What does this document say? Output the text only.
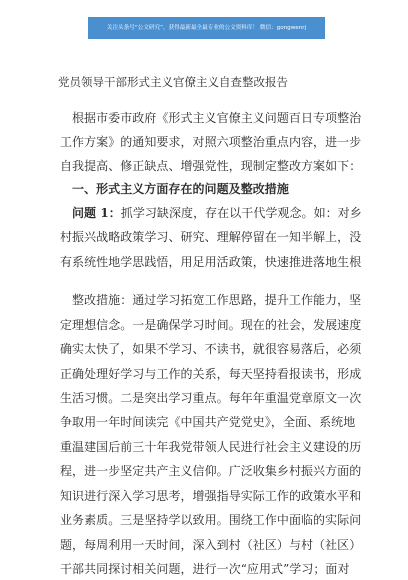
关注头条号“公文研究”，获得最新最全最专业的公文资料库！ 微信：gongwenrj
党员领导干部形式主义官僚主义自查整改报告
根据市委市政府《形式主义官僚主义问题百日专项整治
工作方案》的通知要求，对照六项整治重点内容，进一步
自我提高、修正缺点、增强党性，现制定整改方案如下：
一、形式主义方面存在的问题及整改措施
问题 1：抓学习缺深度，存在以干代学观念。如：对乡
村振兴战略政策学习、研究、理解停留在一知半解上，没
有系统性地学思践悟，用足用活政策，快速推进落地生根
整改措施：通过学习拓宽工作思路，提升工作能力，坚
定理想信念。一是确保学习时间。现在的社会，发展速度
确实太快了，如果不学习、不读书，就很容易落后，必须
正确处理好学习与工作的关系，每天坚持看报读书，形成
生活习惯。二是突出学习重点。每年年重温党章原文一次
争取用一年时间读完《中国共产党党史》，全面、系统地
重温建国后前三十年我党带领人民进行社会主义建设的历
程，进一步坚定共产主义信仰。广泛收集乡村振兴方面的
知识进行深入学习思考，增强指导实际工作的政策水平和
业务素质。三是坚持学以致用。围绕工作中面临的实际问
题，每周利用一天时间，深入到村（社区）与村（社区）
干部共同探讨相关问题，进行一次“应用式”学习；面对
